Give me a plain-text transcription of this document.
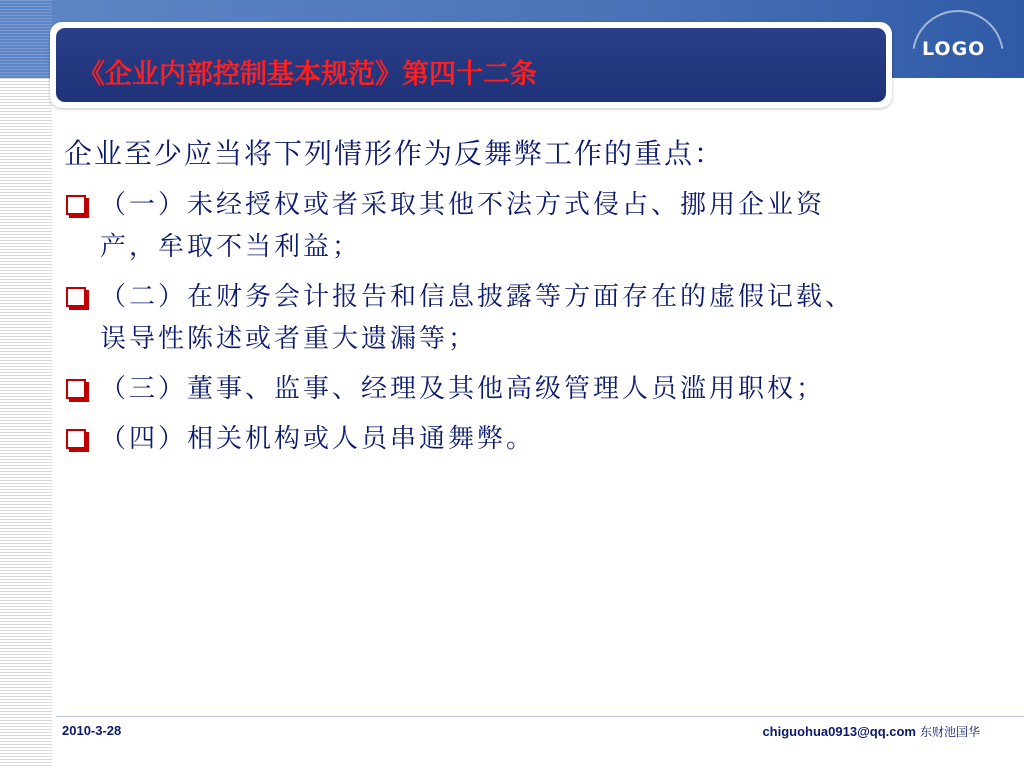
《企业内部控制基本规范》第四十二条
LOGO
企业至少应当将下列情形作为反舞弊工作的重点：
（一）未经授权或者采取其他不法方式侵占、挪用企业资
产，牟取不当利益；
（二）在财务会计报告和信息披露等方面存在的虚假记载、
误导性陈述或者重大遗漏等；
（三）董事、监事、经理及其他高级管理人员滥用职权；
（四）相关机构或人员串通舞弊。
2010-3-28	chiguohua0913@qq.com 东财池国华
